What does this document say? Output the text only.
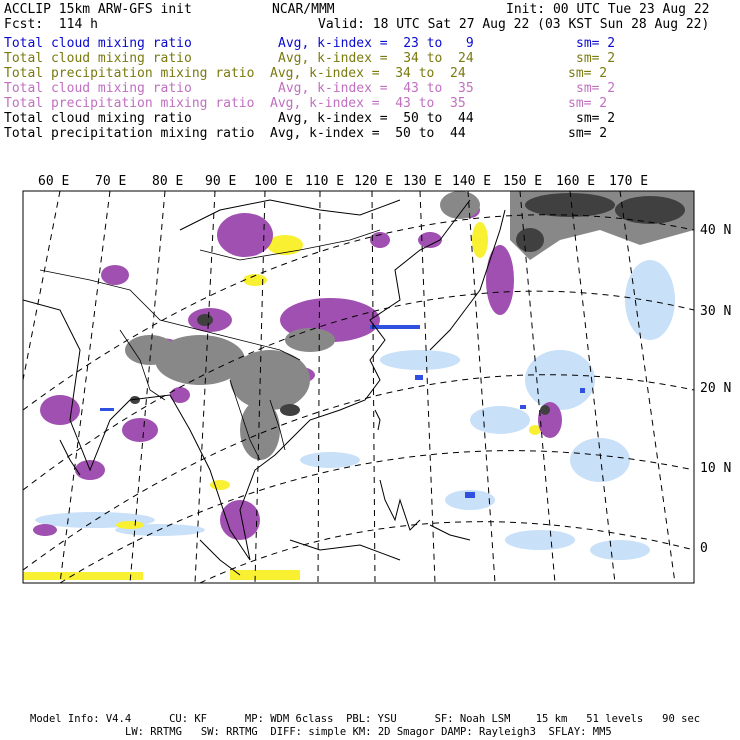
ACCLIP 15km ARW-GFS init	NCAR/MMM	Init: 00 UTC Tue 23 Aug 22
Fcst:  114 h	Valid: 18 UTC Sat 27 Aug 22 (03 KST Sun 28 Aug 22)
Total cloud mixing ratio	Avg, k-index =  23 to   9	sm= 2
Total cloud mixing ratio	Avg, k-index =  34 to  24	sm= 2
Total precipitation mixing ratio Avg, k-index =  34 to  24	sm= 2
Total cloud mixing ratio	Avg, k-index =  43 to  35	sm= 2
Total precipitation mixing ratio Avg, k-index =  43 to  35	sm= 2
Total cloud mixing ratio	Avg, k-index =  50 to  44	sm= 2
Total precipitation mixing ratio Avg, k-index =  50 to  44	sm= 2
60 E 70 E 80 E 90 E 100 E 110 E 120 E 130 E 140 E 150 E 160 E 170 E
40 N
30 N
20 N
10 N
0
Model Info: V4.4      CU: KF      MP: WDM 6class  PBL: YSU      SF: Noah LSM    15 km   51 levels   90 sec
LW: RRTMG   SW: RRTMG  DIFF: simple KM: 2D Smagor DAMP: Rayleigh3  SFLAY: MM5
